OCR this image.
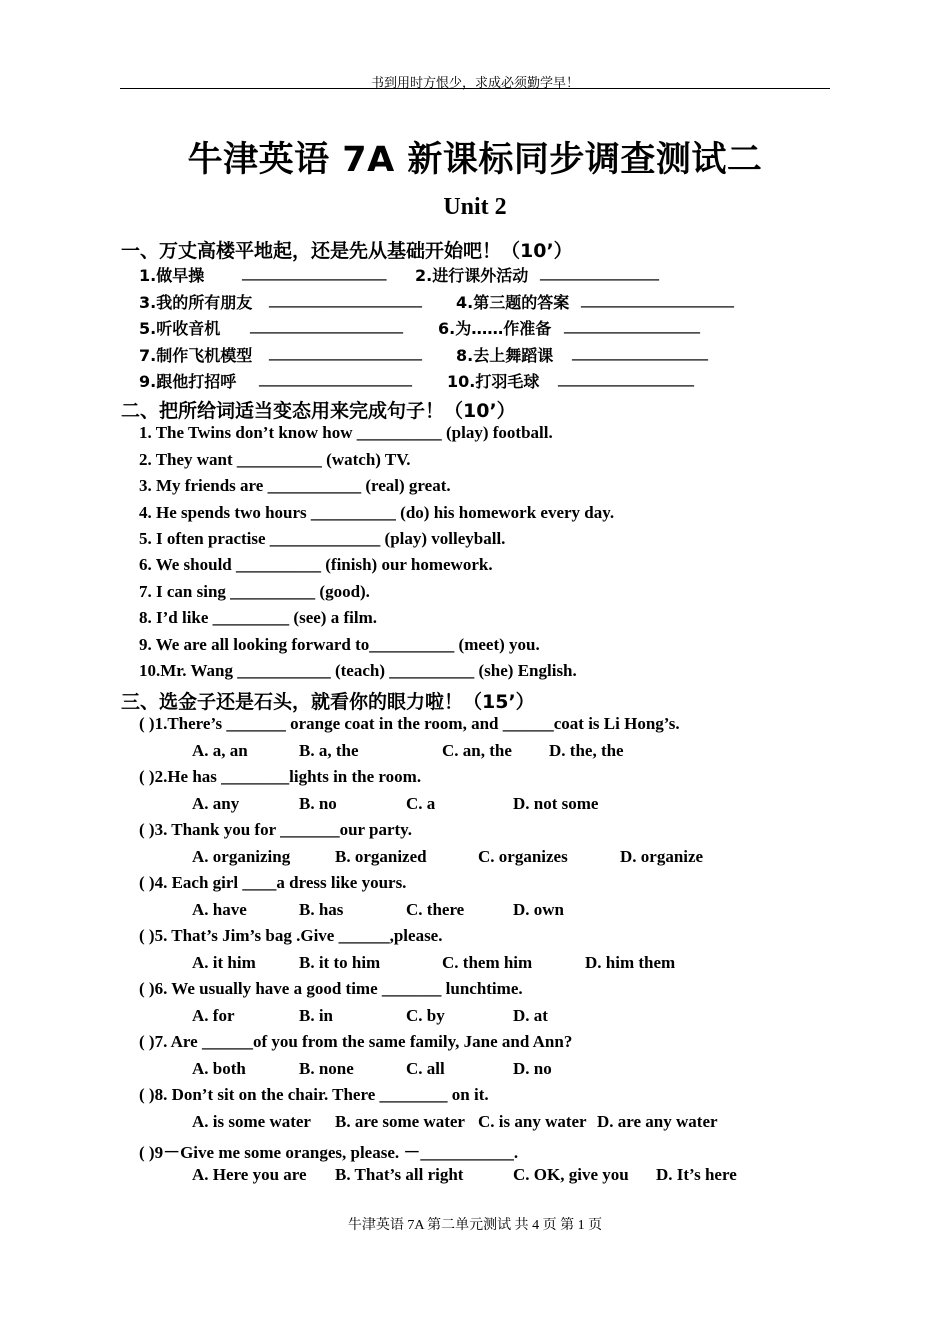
书到用时方恨少，求成必须勤学早！
牛津英语 7A 新课标同步调查测试二
Unit 2
一、万丈高楼平地起，还是先从基础开始吧！（10’）
1.做早操 _________________ 2.进行课外活动 ______________
3.我的所有朋友 __________________ 4.第三题的答案 __________________
5.听收音机 __________________ 6.为……作准备 ________________
7.制作飞机模型 __________________ 8.去上舞蹈课 ________________
9.跟他打招呼 __________________ 10.打羽毛球 ________________
二、把所给词适当变态用来完成句子！（10’）
1. The Twins don’t know how __________ (play) football.
2. They want __________ (watch) TV.
3. My friends are ___________ (real) great.
4. He spends two hours __________ (do) his homework every day.
5. I often practise _____________ (play) volleyball.
6. We should __________ (finish) our homework.
7. I can sing __________ (good).
8. I’d like _________ (see) a film.
9. We are all looking forward to__________ (meet) you.
10.Mr. Wang ___________ (teach) __________ (she) English.
三、选金子还是石头，就看你的眼力啦！（15’）
( )1.There’s _______ orange coat in the room, and ______coat is Li Hong’s.
A. a, an	B. a, the	C. an, the D. the, the
( )2.He has ________lights in the room.
A. any	B. no	C. a	D. not some
( )3. Thank you for _______our party.
A. organizing	B. organized	C. organizes	D. organize
( )4. Each girl ____a dress like yours.
A. have	B. has	C. there	D. own
( )5. That’s Jim’s bag .Give ______,please.
A. it him	B. it to him	C. them him	D. him them
( )6. We usually have a good time _______ lunchtime.
A. for	B. in	C. by	D. at
( )7. Are ______of you from the same family, Jane and Ann?
A. both	B. none	C. all	D. no
( )8. Don’t sit on the chair. There ________ on it.
A. is some water B. are some water C. is any water D. are any water
( )9－Give me some oranges, please. －___________.
A. Here you are B. That’s all right	C. OK, give you D. It’s here
牛津英语 7A 第二单元测试 共 4 页 第 1 页
